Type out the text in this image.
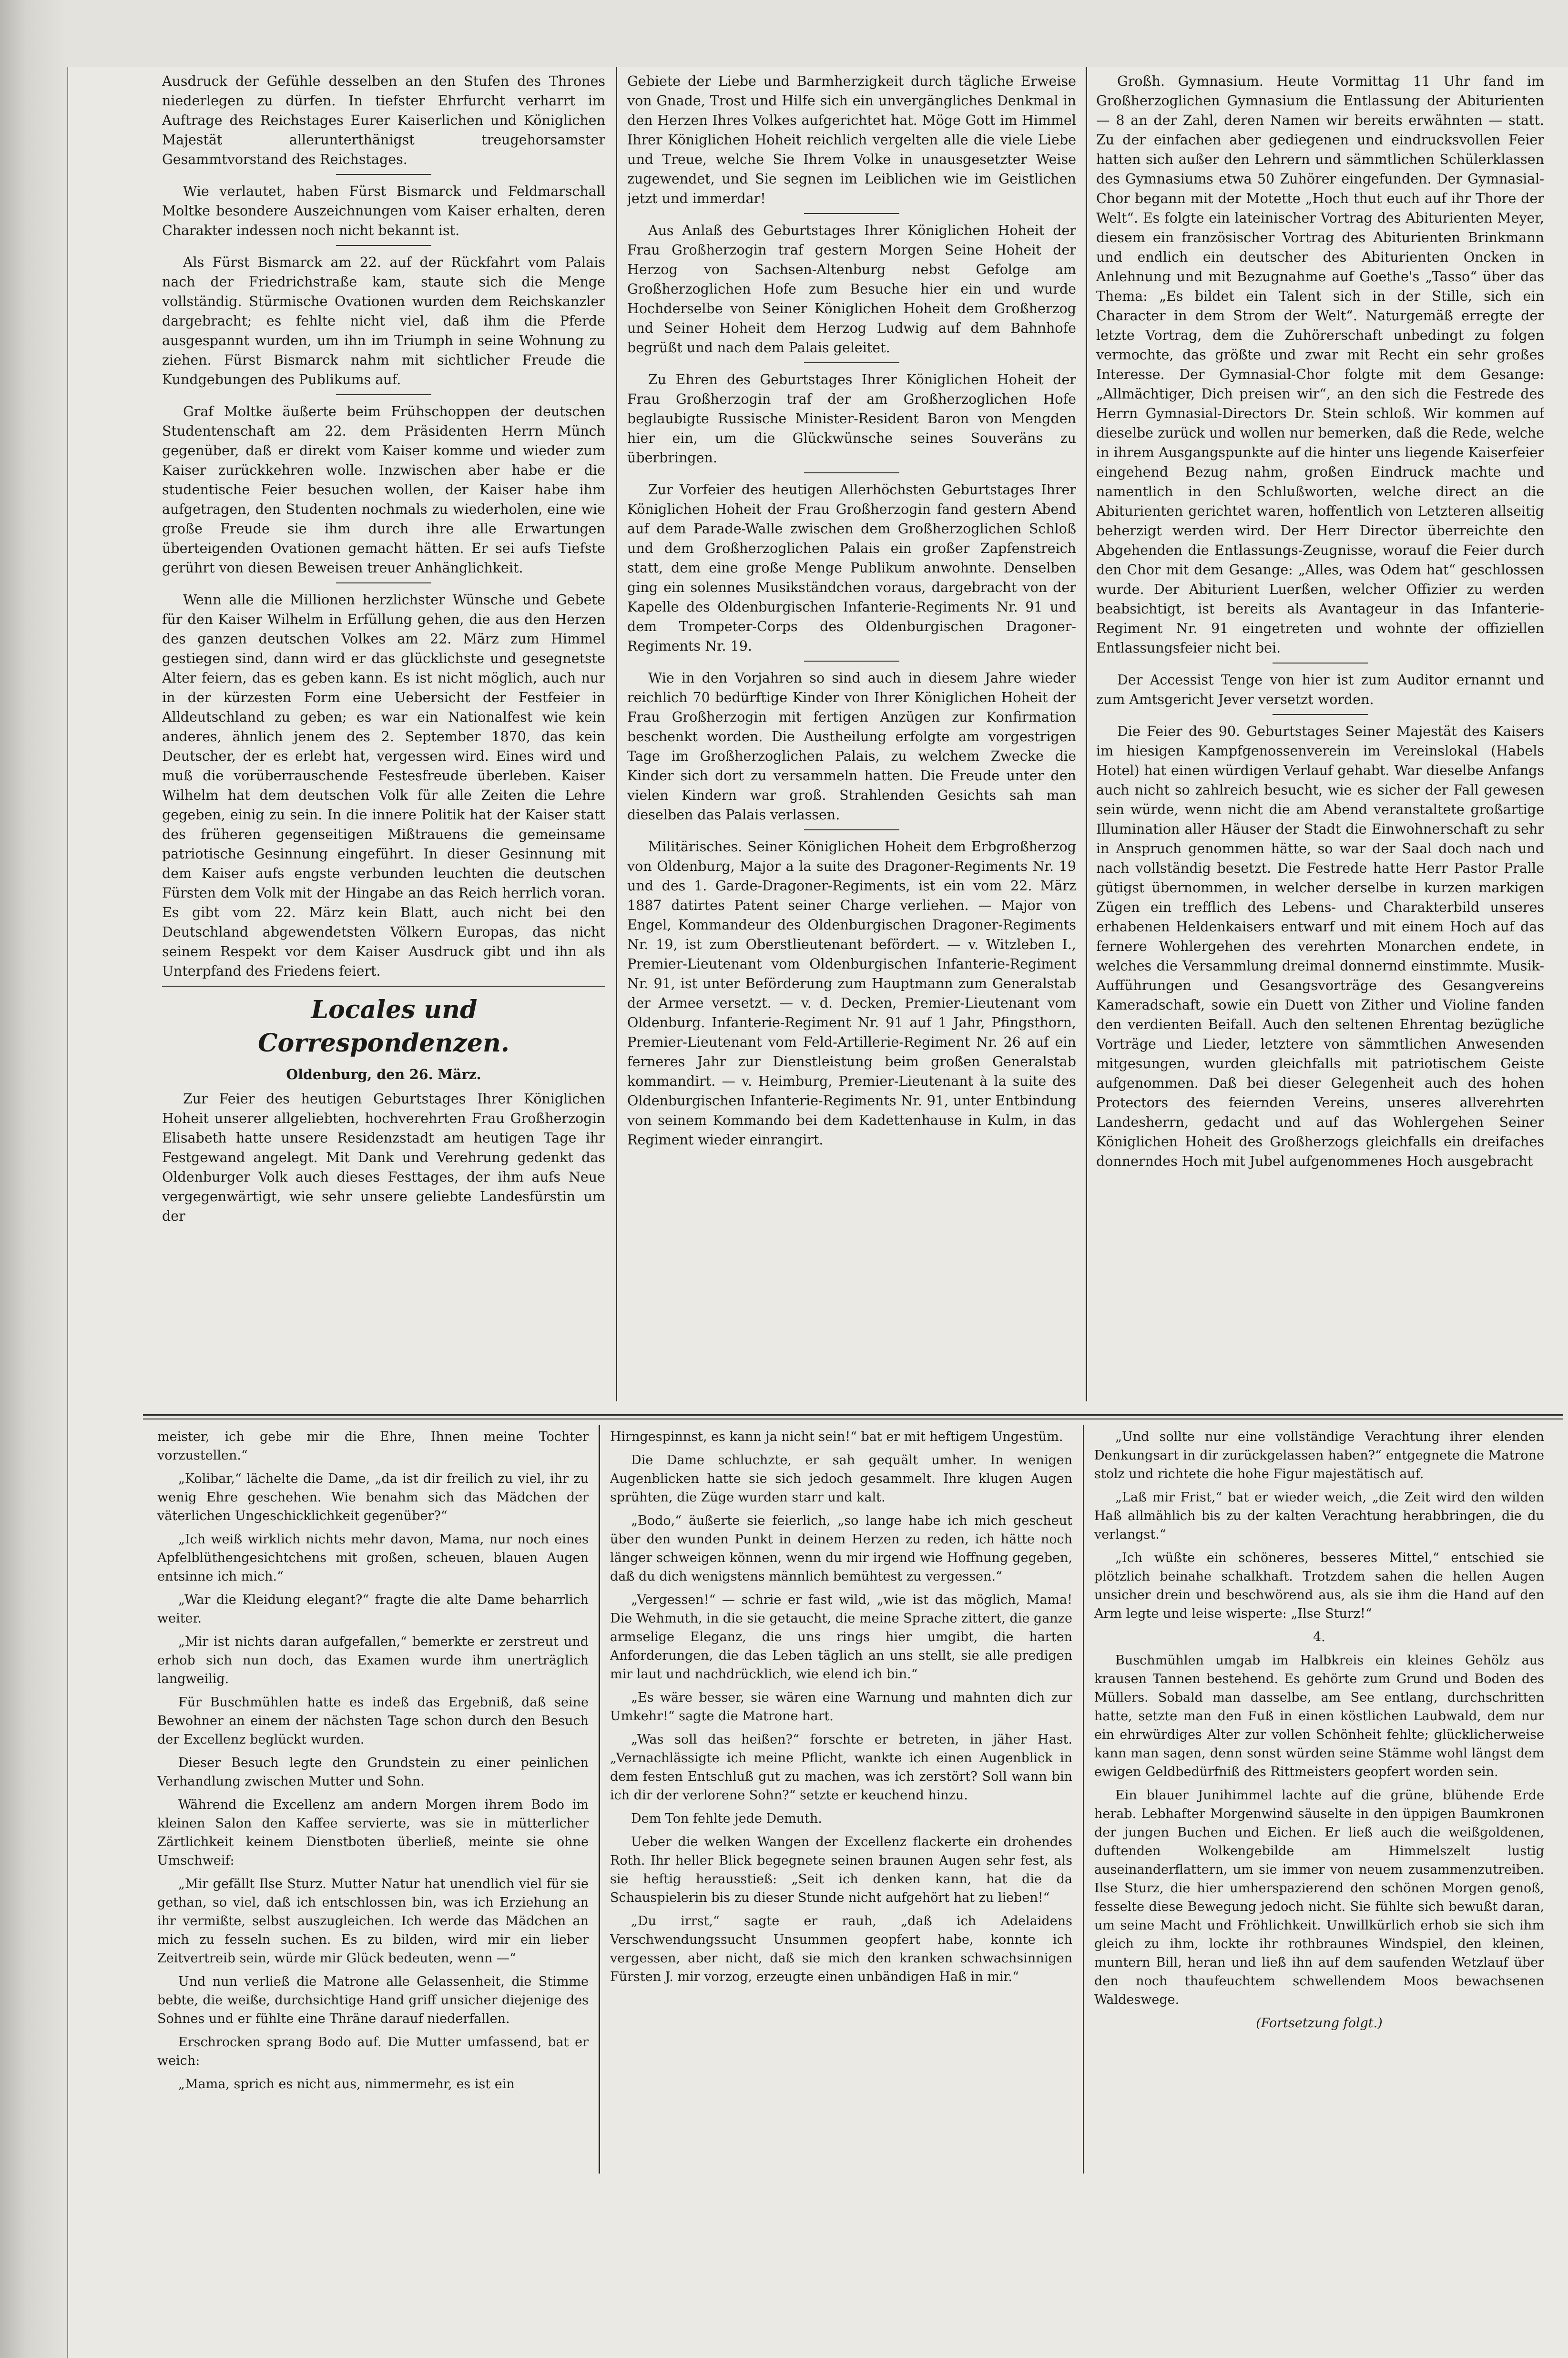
Ausdruck der Gefühle desselben an den Stufen des Thrones niederlegen zu dürfen. In tiefster Ehrfurcht verharrt im Auftrage des Reichstages Eurer Kaiserlichen und Königlichen Majestät allerunterthänigst treugehorsamster Gesammtvorstand des Reichstages.

Wie verlautet, haben Fürst Bismarck und Feldmarschall Moltke besondere Auszeichnungen vom Kaiser erhalten, deren Charakter indessen noch nicht bekannt ist.

Als Fürst Bismarck am 22. auf der Rückfahrt vom Palais nach der Friedrichstraße kam, staute sich die Menge vollständig. Stürmische Ovationen wurden dem Reichskanzler dargebracht; es fehlte nicht viel, daß ihm die Pferde ausgespannt wurden, um ihn im Triumph in seine Wohnung zu ziehen. Fürst Bismarck nahm mit sichtlicher Freude die Kundgebungen des Publikums auf.

Graf Moltke äußerte beim Frühschoppen der deutschen Studentenschaft am 22. dem Präsidenten Herrn Münch gegenüber, daß er direkt vom Kaiser komme und wieder zum Kaiser zurückkehren wolle. Inzwischen aber habe er die studentische Feier besuchen wollen, der Kaiser habe ihm aufgetragen, den Studenten nochmals zu wiederholen, eine wie große Freude sie ihm durch ihre alle Erwartungen überteigenden Ovationen gemacht hätten. Er sei aufs Tiefste gerührt von diesen Beweisen treuer Anhänglichkeit.

Wenn alle die Millionen herzlichster Wünsche und Gebete für den Kaiser Wilhelm in Erfüllung gehen, die aus den Herzen des ganzen deutschen Volkes am 22. März zum Himmel gestiegen sind, dann wird er das glücklichste und gesegnetste Alter feiern, das es geben kann. Es ist nicht möglich, auch nur in der kürzesten Form eine Uebersicht der Festfeier in Alldeutschland zu geben; es war ein Nationalfest wie kein anderes, ähnlich jenem des 2. September 1870, das kein Deutscher, der es erlebt hat, vergessen wird. Eines wird und muß die vorüberrauschende Festesfreude überleben. Kaiser Wilhelm hat dem deutschen Volk für alle Zeiten die Lehre gegeben, einig zu sein. In die innere Politik hat der Kaiser statt des früheren gegenseitigen Mißtrauens die gemeinsame patriotische Gesinnung eingeführt. In dieser Gesinnung mit dem Kaiser aufs engste verbunden leuchten die deutschen Fürsten dem Volk mit der Hingabe an das Reich herrlich voran. Es gibt vom 22. März kein Blatt, auch nicht bei den Deutschland abgewendetsten Völkern Europas, das nicht seinem Respekt vor dem Kaiser Ausdruck gibt und ihn als Unterpfand des Friedens feiert.

Locales und Correspondenzen.

Oldenburg, den 26. März.

Zur Feier des heutigen Geburtstages Ihrer Königlichen Hoheit unserer allgeliebten, hochverehrten Frau Großherzogin Elisabeth hatte unsere Residenzstadt am heutigen Tage ihr Festgewand angelegt. Mit Dank und Verehrung gedenkt das Oldenburger Volk auch dieses Festtages, der ihm aufs Neue vergegenwärtigt, wie sehr unsere geliebte Landesfürstin um der

Gebiete der Liebe und Barmherzigkeit durch tägliche Erweise von Gnade, Trost und Hilfe sich ein unvergängliches Denkmal in den Herzen Ihres Volkes aufgerichtet hat. Möge Gott im Himmel Ihrer Königlichen Hoheit reichlich vergelten alle die viele Liebe und Treue, welche Sie Ihrem Volke in unausgesetzter Weise zugewendet, und Sie segnen im Leiblichen wie im Geistlichen jetzt und immerdar!

Aus Anlaß des Geburtstages Ihrer Königlichen Hoheit der Frau Großherzogin traf gestern Morgen Seine Hoheit der Herzog von Sachsen-Altenburg nebst Gefolge am Großherzoglichen Hofe zum Besuche hier ein und wurde Hochderselbe von Seiner Königlichen Hoheit dem Großherzog und Seiner Hoheit dem Herzog Ludwig auf dem Bahnhofe begrüßt und nach dem Palais geleitet.

Zu Ehren des Geburtstages Ihrer Königlichen Hoheit der Frau Großherzogin traf der am Großherzoglichen Hofe beglaubigte Russische Minister-Resident Baron von Mengden hier ein, um die Glückwünsche seines Souveräns zu überbringen.

Zur Vorfeier des heutigen Allerhöchsten Geburtstages Ihrer Königlichen Hoheit der Frau Großherzogin fand gestern Abend auf dem Parade-Walle zwischen dem Großherzoglichen Schloß und dem Großherzoglichen Palais ein großer Zapfenstreich statt, dem eine große Menge Publikum anwohnte. Denselben ging ein solennes Musikständchen voraus, dargebracht von der Kapelle des Oldenburgischen Infanterie-Regiments Nr. 91 und dem Trompeter-Corps des Oldenburgischen Dragoner-Regiments Nr. 19.

Wie in den Vorjahren so sind auch in diesem Jahre wieder reichlich 70 bedürftige Kinder von Ihrer Königlichen Hoheit der Frau Großherzogin mit fertigen Anzügen zur Konfirmation beschenkt worden. Die Austheilung erfolgte am vorgestrigen Tage im Großherzoglichen Palais, zu welchem Zwecke die Kinder sich dort zu versammeln hatten. Die Freude unter den vielen Kindern war groß. Strahlenden Gesichts sah man dieselben das Palais verlassen.

Militärisches. Seiner Königlichen Hoheit dem Erbgroßherzog von Oldenburg, Major a la suite des Dragoner-Regiments Nr. 19 und des 1. Garde-Dragoner-Regiments, ist ein vom 22. März 1887 datirtes Patent seiner Charge verliehen. — Major von Engel, Kommandeur des Oldenburgischen Dragoner-Regiments Nr. 19, ist zum Oberstlieutenant befördert. — v. Witzleben I., Premier-Lieutenant vom Oldenburgischen Infanterie-Regiment Nr. 91, ist unter Beförderung zum Hauptmann zum Generalstab der Armee versetzt. — v. d. Decken, Premier-Lieutenant vom Oldenburg. Infanterie-Regiment Nr. 91 auf 1 Jahr, Pfingsthorn, Premier-Lieutenant vom Feld-Artillerie-Regiment Nr. 26 auf ein ferneres Jahr zur Dienstleistung beim großen Generalstab kommandirt. — v. Heimburg, Premier-Lieutenant à la suite des Oldenburgischen Infanterie-Regiments Nr. 91, unter Entbindung von seinem Kommando bei dem Kadettenhause in Kulm, in das Regiment wieder einrangirt.

Großh. Gymnasium. Heute Vormittag 11 Uhr fand im Großherzoglichen Gymnasium die Entlassung der Abiturienten — 8 an der Zahl, deren Namen wir bereits erwähnten — statt. Zu der einfachen aber gediegenen und eindrucksvollen Feier hatten sich außer den Lehrern und sämmtlichen Schülerklassen des Gymnasiums etwa 50 Zuhörer eingefunden. Der Gymnasial-Chor begann mit der Motette „Hoch thut euch auf ihr Thore der Welt“. Es folgte ein lateinischer Vortrag des Abiturienten Meyer, diesem ein französischer Vortrag des Abiturienten Brinkmann und endlich ein deutscher des Abiturienten Oncken in Anlehnung und mit Bezugnahme auf Goethe's „Tasso“ über das Thema: „Es bildet ein Talent sich in der Stille, sich ein Character in dem Strom der Welt“. Naturgemäß erregte der letzte Vortrag, dem die Zuhörerschaft unbedingt zu folgen vermochte, das größte und zwar mit Recht ein sehr großes Interesse. Der Gymnasial-Chor folgte mit dem Gesange: „Allmächtiger, Dich preisen wir“, an den sich die Festrede des Herrn Gymnasial-Directors Dr. Stein schloß. Wir kommen auf dieselbe zurück und wollen nur bemerken, daß die Rede, welche in ihrem Ausgangspunkte auf die hinter uns liegende Kaiserfeier eingehend Bezug nahm, großen Eindruck machte und namentlich in den Schlußworten, welche direct an die Abiturienten gerichtet waren, hoffentlich von Letzteren allseitig beherzigt werden wird. Der Herr Director überreichte den Abgehenden die Entlassungs-Zeugnisse, worauf die Feier durch den Chor mit dem Gesange: „Alles, was Odem hat“ geschlossen wurde. Der Abiturient Luerßen, welcher Offizier zu werden beabsichtigt, ist bereits als Avantageur in das Infanterie-Regiment Nr. 91 eingetreten und wohnte der offiziellen Entlassungsfeier nicht bei.

Der Accessist Tenge von hier ist zum Auditor ernannt und zum Amtsgericht Jever versetzt worden.

Die Feier des 90. Geburtstages Seiner Majestät des Kaisers im hiesigen Kampfgenossenverein im Vereinslokal (Habels Hotel) hat einen würdigen Verlauf gehabt. War dieselbe Anfangs auch nicht so zahlreich besucht, wie es sicher der Fall gewesen sein würde, wenn nicht die am Abend veranstaltete großartige Illumination aller Häuser der Stadt die Einwohnerschaft zu sehr in Anspruch genommen hätte, so war der Saal doch nach und nach vollständig besetzt. Die Festrede hatte Herr Pastor Pralle gütigst übernommen, in welcher derselbe in kurzen markigen Zügen ein trefflich des Lebens- und Charakterbild unseres erhabenen Heldenkaisers entwarf und mit einem Hoch auf das fernere Wohlergehen des verehrten Monarchen endete, in welches die Versammlung dreimal donnernd einstimmte. Musik-Aufführungen und Gesangsvorträge des Gesangvereins Kameradschaft, sowie ein Duett von Zither und Violine fanden den verdienten Beifall. Auch den seltenen Ehrentag bezügliche Vorträge und Lieder, letztere von sämmtlichen Anwesenden mitgesungen, wurden gleichfalls mit patriotischem Geiste aufgenommen. Daß bei dieser Gelegenheit auch des hohen Protectors des feiernden Vereins, unseres allverehrten Landesherrn, gedacht und auf das Wohlergehen Seiner Königlichen Hoheit des Großherzogs gleichfalls ein dreifaches donnerndes Hoch mit Jubel aufgenommenes Hoch ausgebracht

meister, ich gebe mir die Ehre, Ihnen meine Tochter vorzustellen.“

„Kolibar,“ lächelte die Dame, „da ist dir freilich zu viel, ihr zu wenig Ehre geschehen. Wie benahm sich das Mädchen der väterlichen Ungeschicklichkeit gegenüber?“

„Ich weiß wirklich nichts mehr davon, Mama, nur noch eines Apfelblüthengesichtchens mit großen, scheuen, blauen Augen entsinne ich mich.“

„War die Kleidung elegant?“ fragte die alte Dame beharrlich weiter.

„Mir ist nichts daran aufgefallen,“ bemerkte er zerstreut und erhob sich nun doch, das Examen wurde ihm unerträglich langweilig.

Für Buschmühlen hatte es indeß das Ergebniß, daß seine Bewohner an einem der nächsten Tage schon durch den Besuch der Excellenz beglückt wurden.

Dieser Besuch legte den Grundstein zu einer peinlichen Verhandlung zwischen Mutter und Sohn.

Während die Excellenz am andern Morgen ihrem Bodo im kleinen Salon den Kaffee servierte, was sie in mütterlicher Zärtlichkeit keinem Dienstboten überließ, meinte sie ohne Umschweif:

„Mir gefällt Ilse Sturz. Mutter Natur hat unendlich viel für sie gethan, so viel, daß ich entschlossen bin, was ich Erziehung an ihr vermißte, selbst auszugleichen. Ich werde das Mädchen an mich zu fesseln suchen. Es zu bilden, wird mir ein lieber Zeitvertreib sein, würde mir Glück bedeuten, wenn —“

Und nun verließ die Matrone alle Gelassenheit, die Stimme bebte, die weiße, durchsichtige Hand griff unsicher diejenige des Sohnes und er fühlte eine Thräne darauf niederfallen.

Erschrocken sprang Bodo auf. Die Mutter umfassend, bat er weich:

„Mama, sprich es nicht aus, nimmermehr, es ist ein

Hirngespinnst, es kann ja nicht sein!“ bat er mit heftigem Ungestüm.

Die Dame schluchzte, er sah gequält umher. In wenigen Augenblicken hatte sie sich jedoch gesammelt. Ihre klugen Augen sprühten, die Züge wurden starr und kalt.

„Bodo,“ äußerte sie feierlich, „so lange habe ich mich gescheut über den wunden Punkt in deinem Herzen zu reden, ich hätte noch länger schweigen können, wenn du mir irgend wie Hoffnung gegeben, daß du dich wenigstens männlich bemühtest zu vergessen.“

„Vergessen!“ — schrie er fast wild, „wie ist das möglich, Mama! Die Wehmuth, in die sie getaucht, die meine Sprache zittert, die ganze armselige Eleganz, die uns rings hier umgibt, die harten Anforderungen, die das Leben täglich an uns stellt, sie alle predigen mir laut und nachdrücklich, wie elend ich bin.“

„Es wäre besser, sie wären eine Warnung und mahnten dich zur Umkehr!“ sagte die Matrone hart.

„Was soll das heißen?“ forschte er betreten, in jäher Hast. „Vernachlässigte ich meine Pflicht, wankte ich einen Augenblick in dem festen Entschluß gut zu machen, was ich zerstört? Soll wann bin ich dir der verlorene Sohn?“ setzte er keuchend hinzu.

Dem Ton fehlte jede Demuth.

Ueber die welken Wangen der Excellenz flackerte ein drohendes Roth. Ihr heller Blick begegnete seinen braunen Augen sehr fest, als sie heftig herausstieß: „Seit ich denken kann, hat die da Schauspielerin bis zu dieser Stunde nicht aufgehört hat zu lieben!“

„Du irrst,“ sagte er rauh, „daß ich Adelaidens Verschwendungssucht Unsummen geopfert habe, konnte ich vergessen, aber nicht, daß sie mich den kranken schwachsinnigen Fürsten J. mir vorzog, erzeugte einen unbändigen Haß in mir.“

„Und sollte nur eine vollständige Verachtung ihrer elenden Denkungsart in dir zurückgelassen haben?“ entgegnete die Matrone stolz und richtete die hohe Figur majestätisch auf.

„Laß mir Frist,“ bat er wieder weich, „die Zeit wird den wilden Haß allmählich bis zu der kalten Verachtung herabbringen, die du verlangst.“

„Ich wüßte ein schöneres, besseres Mittel,“ entschied sie plötzlich beinahe schalkhaft. Trotzdem sahen die hellen Augen unsicher drein und beschwörend aus, als sie ihm die Hand auf den Arm legte und leise wisperte: „Ilse Sturz!“

4.

Buschmühlen umgab im Halbkreis ein kleines Gehölz aus krausen Tannen bestehend. Es gehörte zum Grund und Boden des Müllers. Sobald man dasselbe, am See entlang, durchschritten hatte, setzte man den Fuß in einen köstlichen Laubwald, dem nur ein ehrwürdiges Alter zur vollen Schönheit fehlte; glücklicherweise kann man sagen, denn sonst würden seine Stämme wohl längst dem ewigen Geldbedürfniß des Rittmeisters geopfert worden sein.

Ein blauer Junihimmel lachte auf die grüne, blühende Erde herab. Lebhafter Morgenwind säuselte in den üppigen Baumkronen der jungen Buchen und Eichen. Er ließ auch die weißgoldenen, duftenden Wolkengebilde am Himmelszelt lustig auseinanderflattern, um sie immer von neuem zusammenzutreiben. Ilse Sturz, die hier umherspazierend den schönen Morgen genoß, fesselte diese Bewegung jedoch nicht. Sie fühlte sich bewußt daran, um seine Macht und Fröhlichkeit. Unwillkürlich erhob sie sich ihm gleich zu ihm, lockte ihr rothbraunes Windspiel, den kleinen, muntern Bill, heran und ließ ihn auf dem saufenden Wetzlauf über den noch thaufeuchtem schwellendem Moos bewachsenen Waldeswege.

(Fortsetzung folgt.)
